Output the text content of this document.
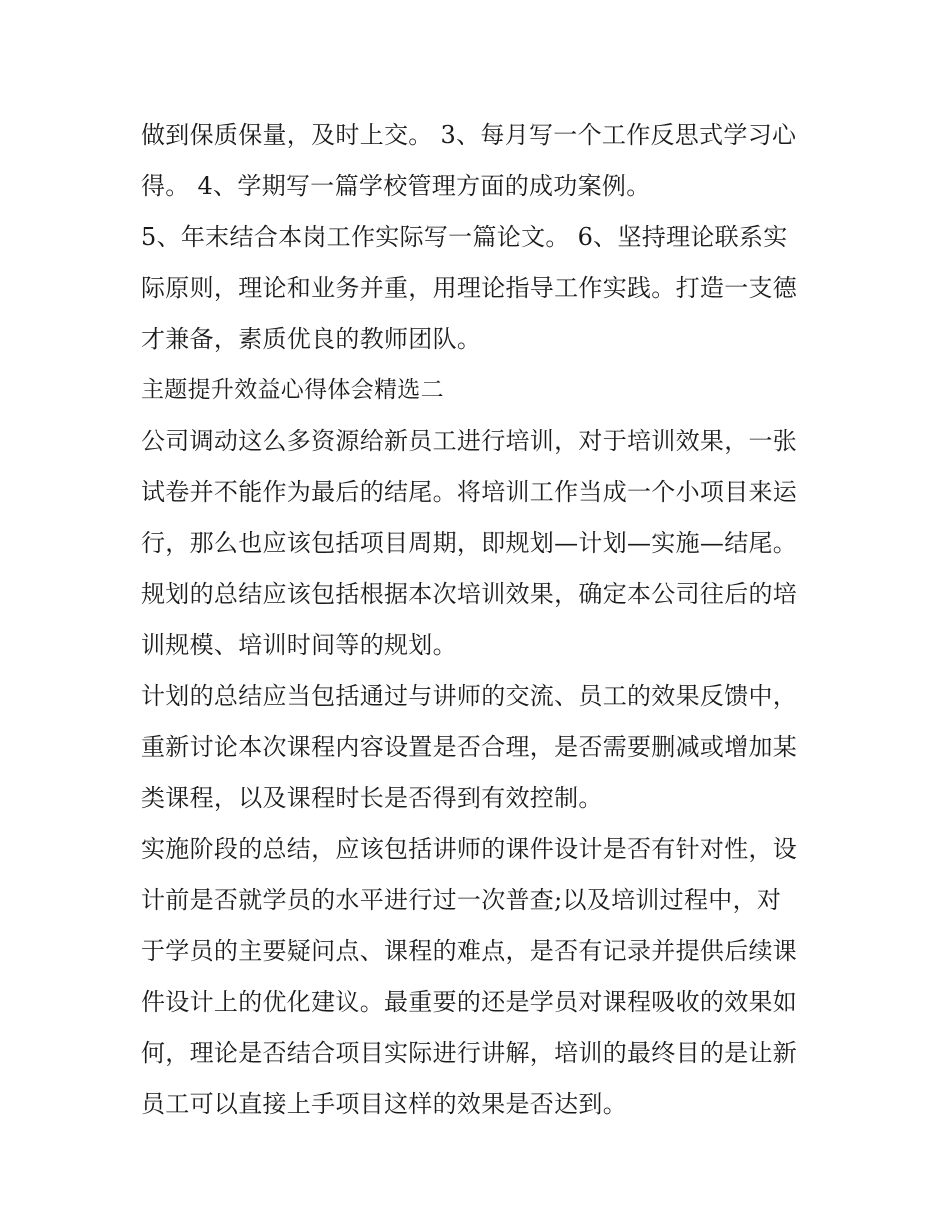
做到保质保量，及时上交。 3、每月写一个工作反思式学习心
得。 4、学期写一篇学校管理方面的成功案例。
5、年末结合本岗工作实际写一篇论文。 6、坚持理论联系实
际原则，理论和业务并重，用理论指导工作实践。打造一支德
才兼备，素质优良的教师团队。
主题提升效益心得体会精选二
公司调动这么多资源给新员工进行培训，对于培训效果，一张
试卷并不能作为最后的结尾。将培训工作当成一个小项目来运
行，那么也应该包括项目周期，即规划—计划—实施—结尾。
规划的总结应该包括根据本次培训效果，确定本公司往后的培
训规模、培训时间等的规划。
计划的总结应当包括通过与讲师的交流、员工的效果反馈中，
重新讨论本次课程内容设置是否合理，是否需要删减或增加某
类课程，以及课程时长是否得到有效控制。
实施阶段的总结，应该包括讲师的课件设计是否有针对性，设
计前是否就学员的水平进行过一次普查;以及培训过程中，对
于学员的主要疑问点、课程的难点，是否有记录并提供后续课
件设计上的优化建议。最重要的还是学员对课程吸收的效果如
何，理论是否结合项目实际进行讲解，培训的最终目的是让新
员工可以直接上手项目这样的效果是否达到。
